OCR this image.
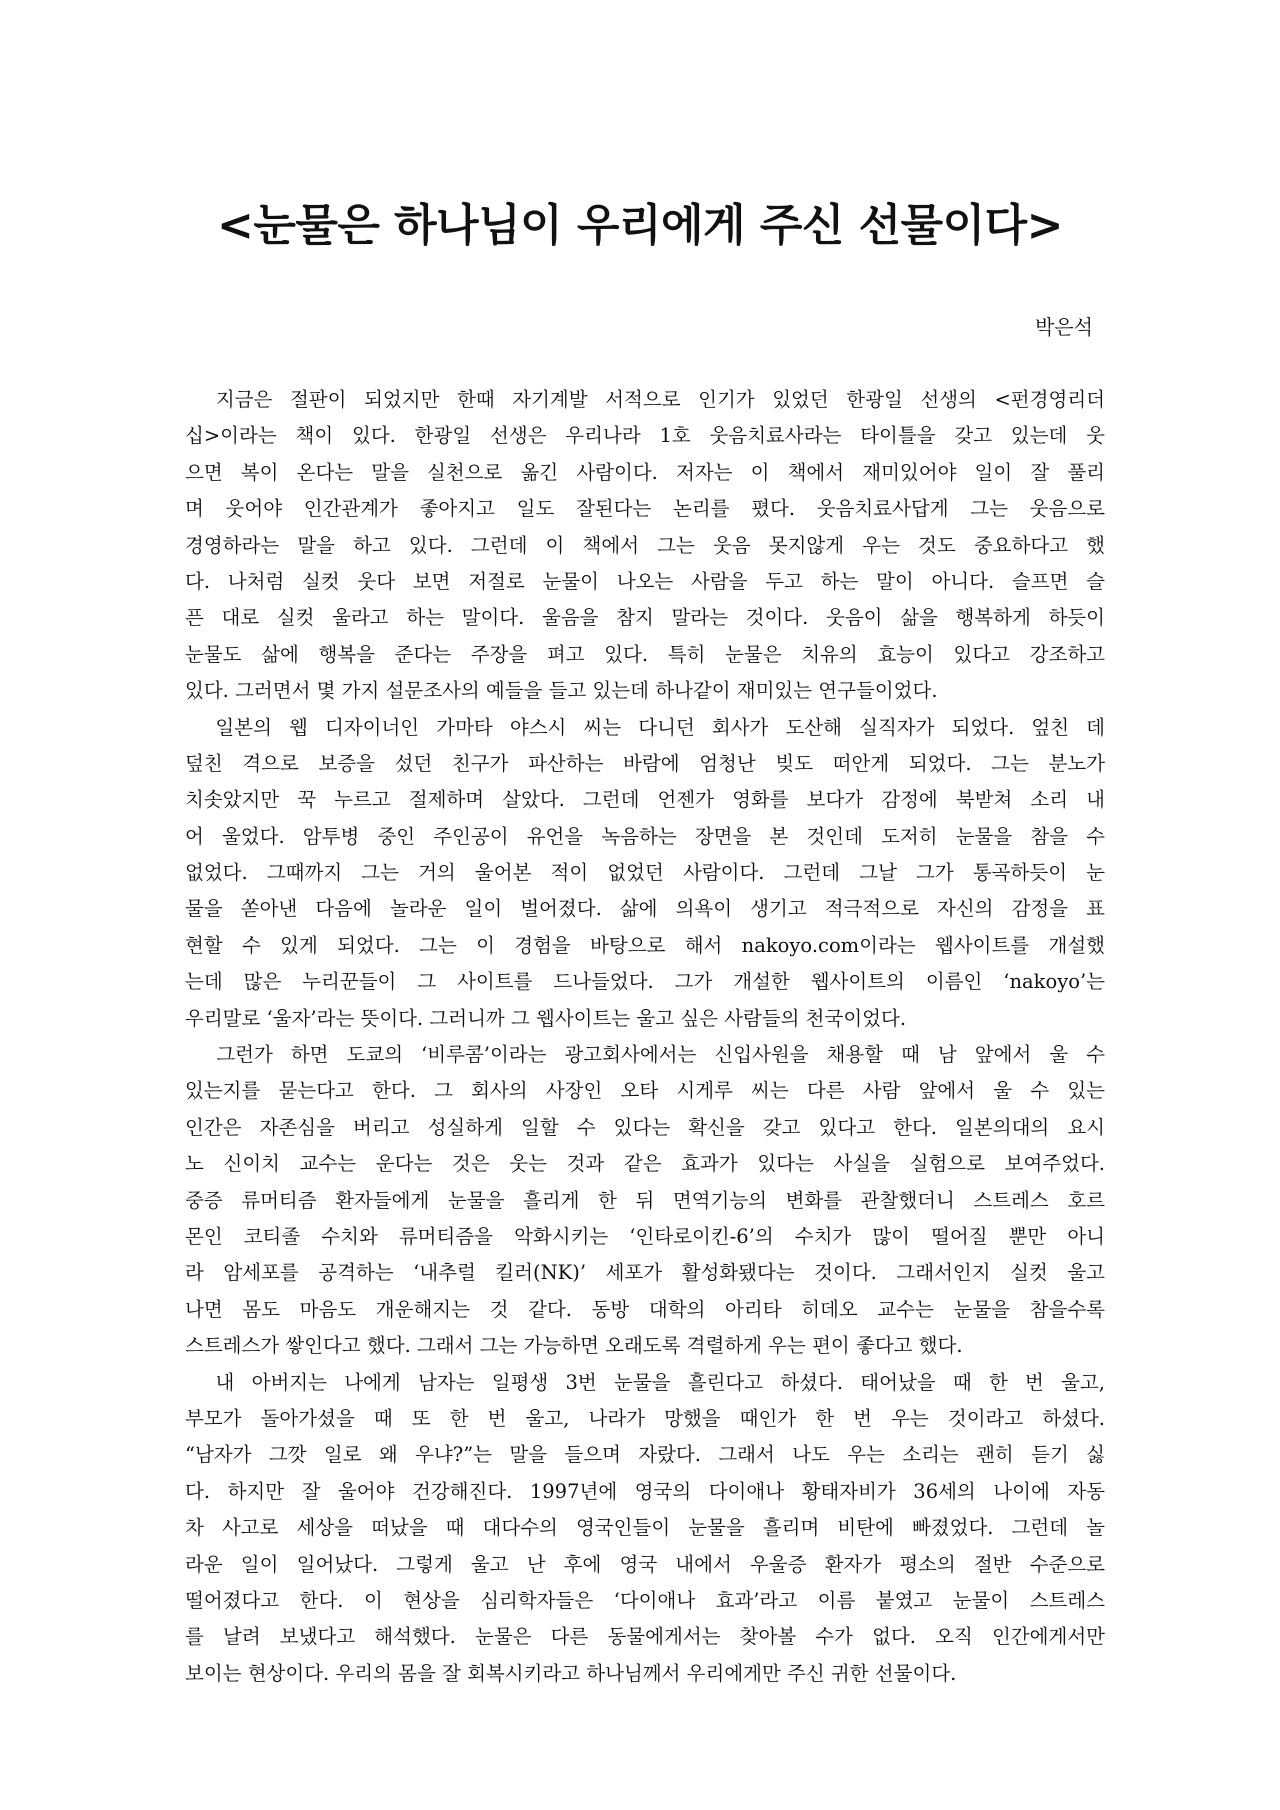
<눈물은 하나님이 우리에게 주신 선물이다>

박은석

　지금은 절판이 되었지만 한때 자기계발 서적으로 인기가 있었던 한광일 선생의 <펀경영리더
십>이라는 책이 있다. 한광일 선생은 우리나라 1호 웃음치료사라는 타이틀을 갖고 있는데 웃
으면 복이 온다는 말을 실천으로 옮긴 사람이다. 저자는 이 책에서 재미있어야 일이 잘 풀리
며 웃어야 인간관계가 좋아지고 일도 잘된다는 논리를 폈다. 웃음치료사답게 그는 웃음으로
경영하라는 말을 하고 있다. 그런데 이 책에서 그는 웃음 못지않게 우는 것도 중요하다고 했
다. 나처럼 실컷 웃다 보면 저절로 눈물이 나오는 사람을 두고 하는 말이 아니다. 슬프면 슬
픈 대로 실컷 울라고 하는 말이다. 울음을 참지 말라는 것이다. 웃음이 삶을 행복하게 하듯이
눈물도 삶에 행복을 준다는 주장을 펴고 있다. 특히 눈물은 치유의 효능이 있다고 강조하고
있다. 그러면서 몇 가지 설문조사의 예들을 들고 있는데 하나같이 재미있는 연구들이었다.
　일본의 웹 디자이너인 가마타 야스시 씨는 다니던 회사가 도산해 실직자가 되었다. 엎친 데
덮친 격으로 보증을 섰던 친구가 파산하는 바람에 엄청난 빚도 떠안게 되었다. 그는 분노가
치솟았지만 꾹 누르고 절제하며 살았다. 그런데 언젠가 영화를 보다가 감정에 북받쳐 소리 내
어 울었다. 암투병 중인 주인공이 유언을 녹음하는 장면을 본 것인데 도저히 눈물을 참을 수
없었다. 그때까지 그는 거의 울어본 적이 없었던 사람이다. 그런데 그날 그가 통곡하듯이 눈
물을 쏟아낸 다음에 놀라운 일이 벌어졌다. 삶에 의욕이 생기고 적극적으로 자신의 감정을 표
현할 수 있게 되었다. 그는 이 경험을 바탕으로 해서 nakoyo.com이라는 웹사이트를 개설했
는데 많은 누리꾼들이 그 사이트를 드나들었다. 그가 개설한 웹사이트의 이름인 ‘nakoyo’는
우리말로 ‘울자’라는 뜻이다. 그러니까 그 웹사이트는 울고 싶은 사람들의 천국이었다.
　그런가 하면 도쿄의 ‘비루콤’이라는 광고회사에서는 신입사원을 채용할 때 남 앞에서 울 수
있는지를 묻는다고 한다. 그 회사의 사장인 오타 시게루 씨는 다른 사람 앞에서 울 수 있는
인간은 자존심을 버리고 성실하게 일할 수 있다는 확신을 갖고 있다고 한다. 일본의대의 요시
노 신이치 교수는 운다는 것은 웃는 것과 같은 효과가 있다는 사실을 실험으로 보여주었다.
중증 류머티즘 환자들에게 눈물을 흘리게 한 뒤 면역기능의 변화를 관찰했더니 스트레스 호르
몬인 코티졸 수치와 류머티즘을 악화시키는 ‘인타로이킨-6’의 수치가 많이 떨어질 뿐만 아니
라 암세포를 공격하는 ‘내추럴 킬러(NK)’ 세포가 활성화됐다는 것이다. 그래서인지 실컷 울고
나면 몸도 마음도 개운해지는 것 같다. 동방 대학의 아리타 히데오 교수는 눈물을 참을수록
스트레스가 쌓인다고 했다. 그래서 그는 가능하면 오래도록 격렬하게 우는 편이 좋다고 했다.
　내 아버지는 나에게 남자는 일평생 3번 눈물을 흘린다고 하셨다. 태어났을 때 한 번 울고,
부모가 돌아가셨을 때 또 한 번 울고, 나라가 망했을 때인가 한 번 우는 것이라고 하셨다.
“남자가 그깟 일로 왜 우냐?”는 말을 들으며 자랐다. 그래서 나도 우는 소리는 괜히 듣기 싫
다. 하지만 잘 울어야 건강해진다. 1997년에 영국의 다이애나 황태자비가 36세의 나이에 자동
차 사고로 세상을 떠났을 때 대다수의 영국인들이 눈물을 흘리며 비탄에 빠졌었다. 그런데 놀
라운 일이 일어났다. 그렇게 울고 난 후에 영국 내에서 우울증 환자가 평소의 절반 수준으로
떨어졌다고 한다. 이 현상을 심리학자들은 ‘다이애나 효과’라고 이름 붙였고 눈물이 스트레스
를 날려 보냈다고 해석했다. 눈물은 다른 동물에게서는 찾아볼 수가 없다. 오직 인간에게서만
보이는 현상이다. 우리의 몸을 잘 회복시키라고 하나님께서 우리에게만 주신 귀한 선물이다.
